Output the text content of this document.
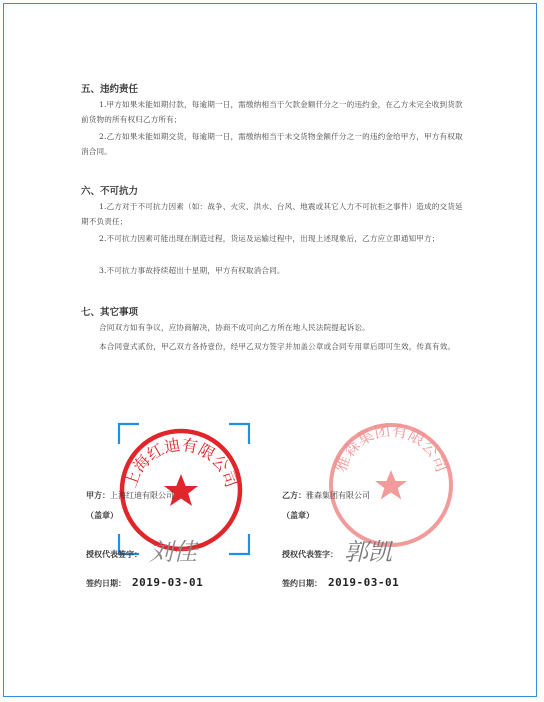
五、违约责任
1.甲方如果未能如期付款，每逾期一日，需缴纳相当于欠款金额仟分之一的违约金，在乙方未完全收到货款前货物的所有权归乙方所有；
2.乙方如果未能如期交货，每逾期一日，需缴纳相当于未交货物金额仟分之一的违约金给甲方，甲方有权取消合同。
六、不可抗力
1.乙方对于不可抗力因素（如：战争、火灾、洪水、台风、地震或其它人力不可抗拒之事件）造成的交货延期不负责任；
2.不可抗力因素可能出现在制造过程，货运及运输过程中，出现上述现象后，乙方应立即通知甲方；
3.不可抗力事故持续超出十星期，甲方有权取消合同。
七、其它事项
合同双方如有争议，应协商解决，协商不成可向乙方所在地人民法院提起诉讼。
本合同壹式贰份，甲乙双方各持壹份，经甲乙双方签字并加盖公章或合同专用章后即可生效，传真有效。
雅森集团有限公司
上海红迪有限公司
甲方：上海红迪有限公司
（盖章）
授权代表签字：
签约日期： 2019-03-01
刘佳
乙方：雅森集团有限公司
（盖章）
授权代表签字：
签约日期： 2019-03-01
郭凯
